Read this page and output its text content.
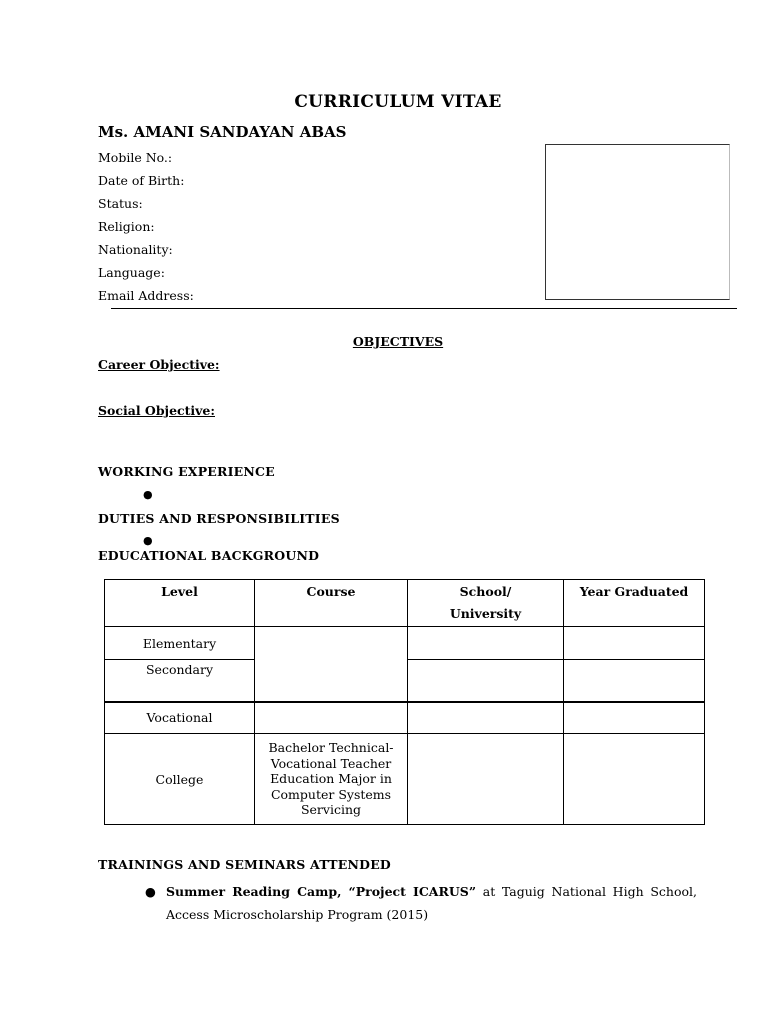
CURRICULUM VITAE
Ms. AMANI SANDAYAN ABAS
Mobile No.:
Date of Birth:
Status:
Religion:
Nationality:
Language:
Email Address:
OBJECTIVES
Career Objective:
Social Objective:
WORKING EXPERIENCE
●
DUTIES AND RESPONSIBILITIES
●
EDUCATIONAL BACKGROUND
Level	Course	School/ University	Year Graduated
Elementary			
Secondary			
Vocational			
College	Bachelor Technical-Vocational Teacher Education Major in Computer Systems Servicing		
TRAININGS AND SEMINARS ATTENDED
● Summer Reading Camp, “Project ICARUS” at Taguig National High School, Access Microscholarship Program (2015)
